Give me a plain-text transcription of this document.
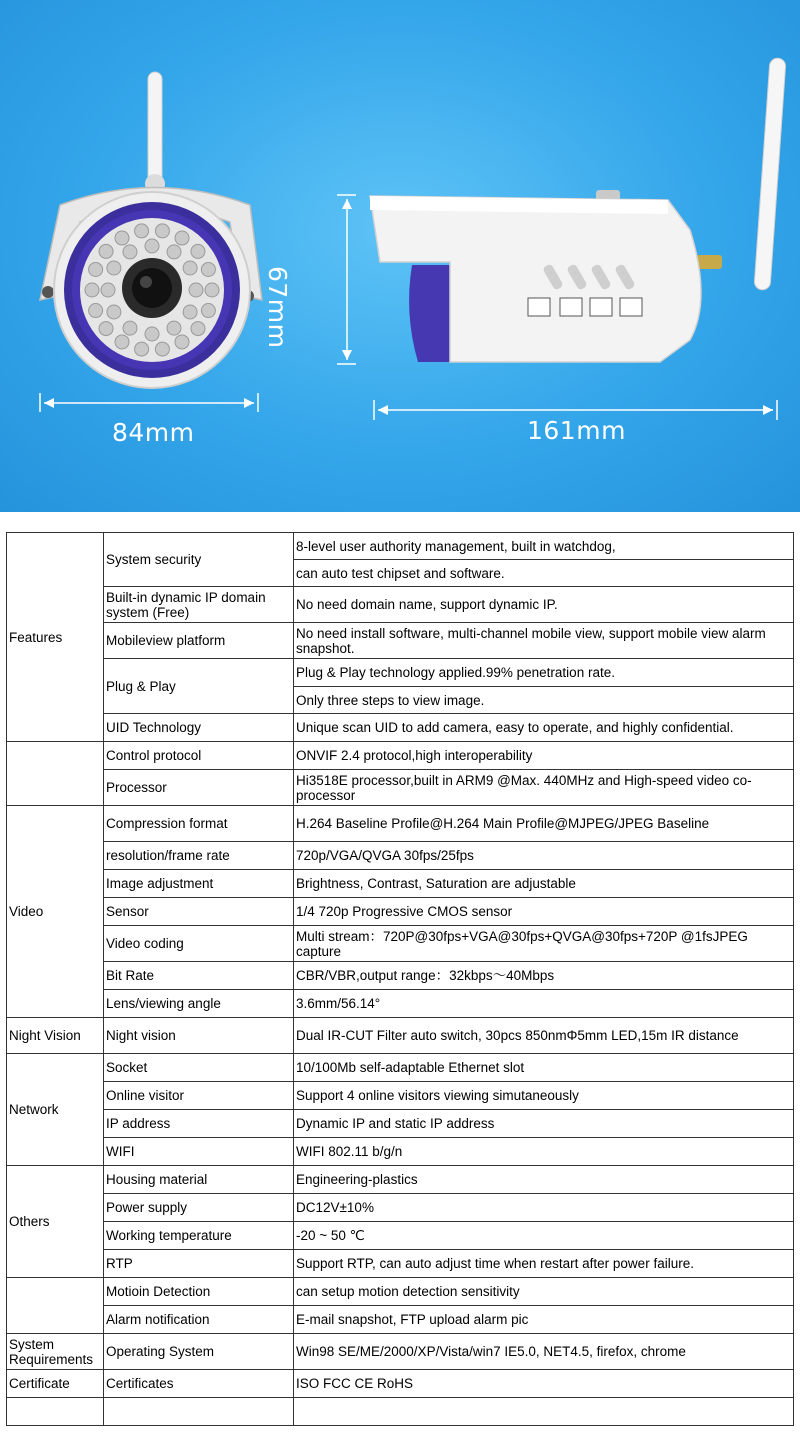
84mm
67mm
161mm
Features	System security	8-level user authority management, built in watchdog,
		can auto test chipset and software.
	Built-in dynamic IP domain system (Free)	No need domain name, support dynamic IP.
	Mobileview platform	No need install software, multi-channel mobile view, support mobile view alarm snapshot.
	Plug & Play	Plug & Play technology applied.99% penetration rate.
		Only three steps to view image.
	UID Technology	Unique scan UID to add camera, easy to operate, and highly confidential.
	Control protocol	ONVIF 2.4 protocol,high interoperability
	Processor	Hi3518E processor,built in ARM9 @Max. 440MHz and High-speed video co-processor
Video	Compression format	H.264 Baseline Profile@H.264 Main Profile@MJPEG/JPEG Baseline
	resolution/frame rate	720p/VGA/QVGA 30fps/25fps
	Image adjustment	Brightness, Contrast, Saturation are adjustable
	Sensor	1/4 720p Progressive CMOS sensor
	Video coding	Multi stream：720P@30fps+VGA@30fps+QVGA@30fps+720P @1fsJPEG capture
	Bit Rate	CBR/VBR,output range：32kbps～40Mbps
	Lens/viewing angle	3.6mm/56.14°
Night Vision	Night vision	Dual IR-CUT Filter auto switch, 30pcs 850nmΦ5mm LED,15m IR distance
Network	Socket	10/100Mb self-adaptable Ethernet slot
	Online visitor	Support 4 online visitors viewing simutaneously
	IP address	Dynamic IP and static IP address
	WIFI	WIFI 802.11 b/g/n
Others	Housing material	Engineering-plastics
	Power supply	DC12V±10%
	Working temperature	-20 ~ 50 ℃
	RTP	Support RTP, can auto adjust time when restart after power failure.
	Motioin Detection	can setup motion detection sensitivity
	Alarm notification	E-mail snapshot, FTP upload alarm pic
System Requirements	Operating System	Win98 SE/ME/2000/XP/Vista/win7 IE5.0, NET4.5, firefox, chrome
Certificate	Certificates	ISO FCC CE RoHS
